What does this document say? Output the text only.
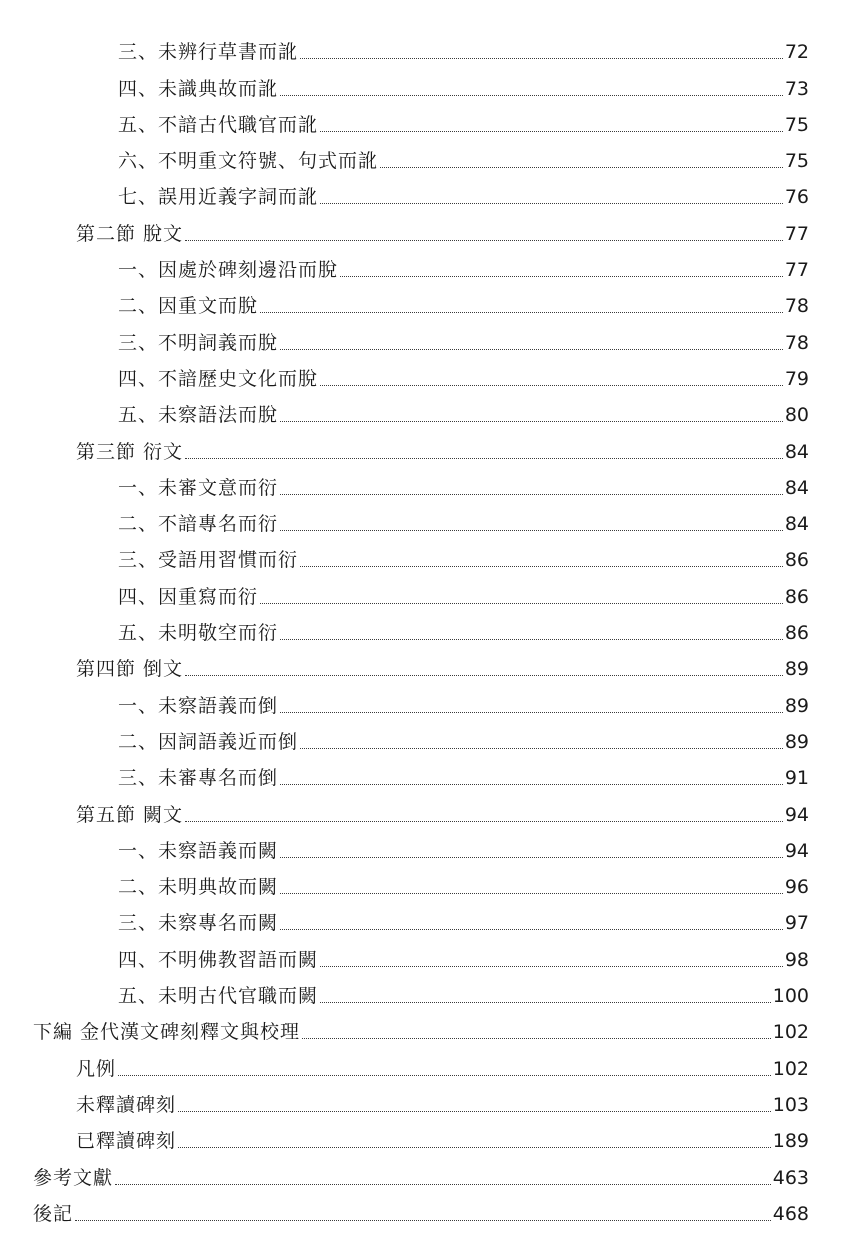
三、未辨行草書而訛	72
四、未識典故而訛	73
五、不諳古代職官而訛	75
六、不明重文符號、句式而訛	75
七、誤用近義字詞而訛	76
第二節 脫文	77
一、因處於碑刻邊沿而脫	77
二、因重文而脫	78
三、不明詞義而脫	78
四、不諳歷史文化而脫	79
五、未察語法而脫	80
第三節 衍文	84
一、未審文意而衍	84
二、不諳專名而衍	84
三、受語用習慣而衍	86
四、因重寫而衍	86
五、未明敬空而衍	86
第四節 倒文	89
一、未察語義而倒	89
二、因詞語義近而倒	89
三、未審專名而倒	91
第五節 闕文	94
一、未察語義而闕	94
二、未明典故而闕	96
三、未察專名而闕	97
四、不明佛教習語而闕	98
五、未明古代官職而闕	100
下編 金代漢文碑刻釋文與校理	102
凡例	102
未釋讀碑刻	103
已釋讀碑刻	189
參考文獻	463
後記	468
